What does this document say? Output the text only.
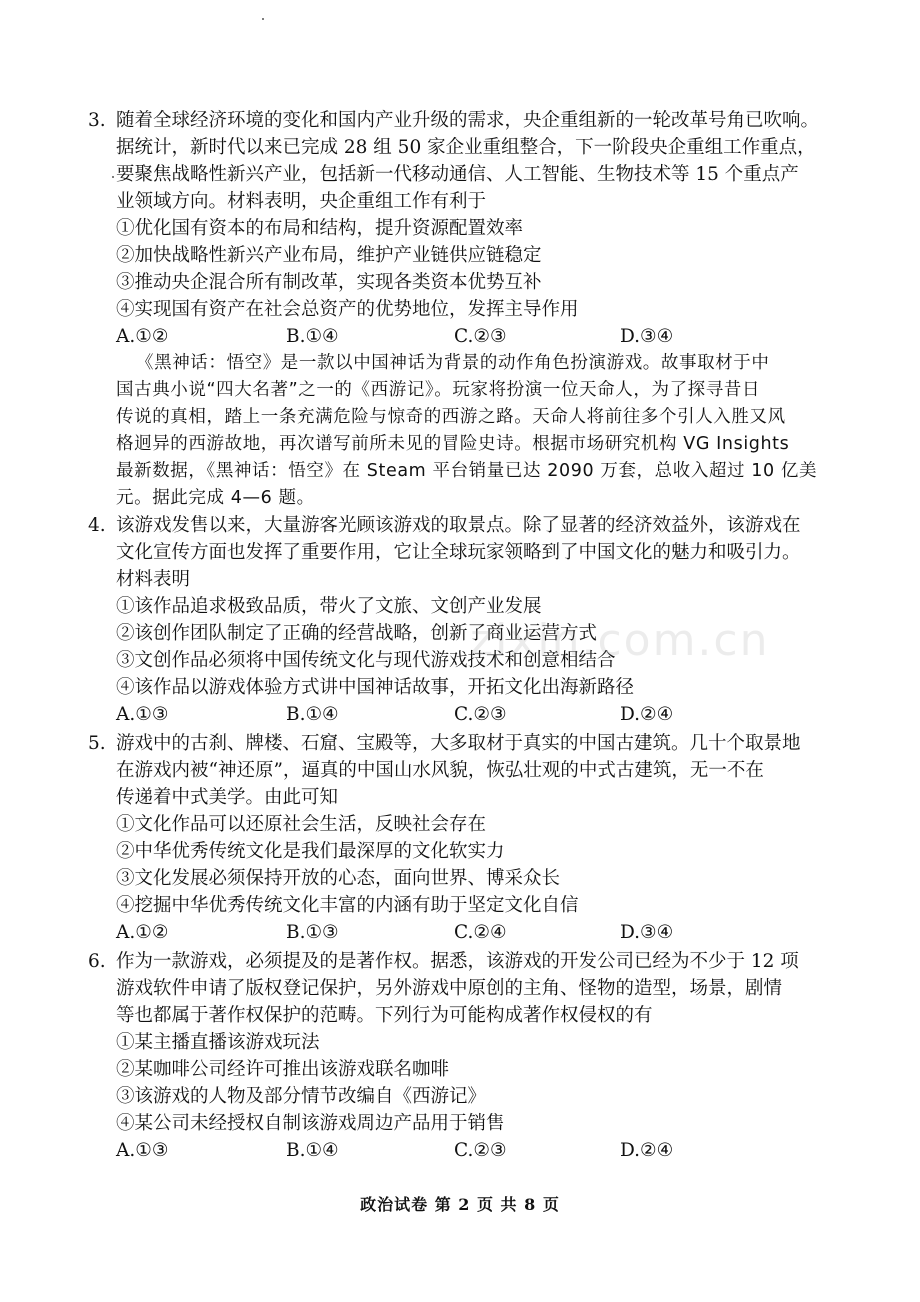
3. 随着全球经济环境的变化和国内产业升级的需求，央企重组新的一轮改革号角已吹响。
据统计，新时代以来已完成 28 组 50 家企业重组整合，下一阶段央企重组工作重点，
要聚焦战略性新兴产业，包括新一代移动通信、人工智能、生物技术等 15 个重点产
业领域方向。材料表明，央企重组工作有利于
①优化国有资本的布局和结构，提升资源配置效率
②加快战略性新兴产业布局，维护产业链供应链稳定
③推动央企混合所有制改革，实现各类资本优势互补
④实现国有资产在社会总资产的优势地位，发挥主导作用
A.①②	B.①④	C.②③	D.③④
《黑神话：悟空》是一款以中国神话为背景的动作角色扮演游戏。故事取材于中
国古典小说“四大名著”之一的《西游记》。玩家将扮演一位天命人，为了探寻昔日
传说的真相，踏上一条充满危险与惊奇的西游之路。天命人将前往多个引人入胜又风
格迥异的西游故地，再次谱写前所未见的冒险史诗。根据市场研究机构 VG Insights
最新数据，《黑神话：悟空》在 Steam 平台销量已达 2090 万套，总收入超过 10 亿美
元。据此完成 4—6 题。
4. 该游戏发售以来，大量游客光顾该游戏的取景点。除了显著的经济效益外，该游戏在
文化宣传方面也发挥了重要作用，它让全球玩家领略到了中国文化的魅力和吸引力。
材料表明
①该作品追求极致品质，带火了文旅、文创产业发展
②该创作团队制定了正确的经营战略，创新了商业运营方式
③文创作品必须将中国传统文化与现代游戏技术和创意相结合
④该作品以游戏体验方式讲中国神话故事，开拓文化出海新路径
A.①③	B.①④	C.②③	D.②④
5. 游戏中的古刹、牌楼、石窟、宝殿等，大多取材于真实的中国古建筑。几十个取景地
在游戏内被“神还原”，逼真的中国山水风貌，恢弘壮观的中式古建筑，无一不在
传递着中式美学。由此可知
①文化作品可以还原社会生活，反映社会存在
②中华优秀传统文化是我们最深厚的文化软实力
③文化发展必须保持开放的心态，面向世界、博采众长
④挖掘中华优秀传统文化丰富的内涵有助于坚定文化自信
A.①②	B.①③	C.②④	D.③④
6. 作为一款游戏，必须提及的是著作权。据悉，该游戏的开发公司已经为不少于 12 项
游戏软件申请了版权登记保护，另外游戏中原创的主角、怪物的造型，场景，剧情
等也都属于著作权保护的范畴。下列行为可能构成著作权侵权的有
①某主播直播该游戏玩法
②某咖啡公司经许可推出该游戏联名咖啡
③该游戏的人物及部分情节改编自《西游记》
④某公司未经授权自制该游戏周边产品用于销售
A.①③	B.①④	C.②③	D.②④
zixin.com.cn
政治试卷 第 2 页 共 8 页
